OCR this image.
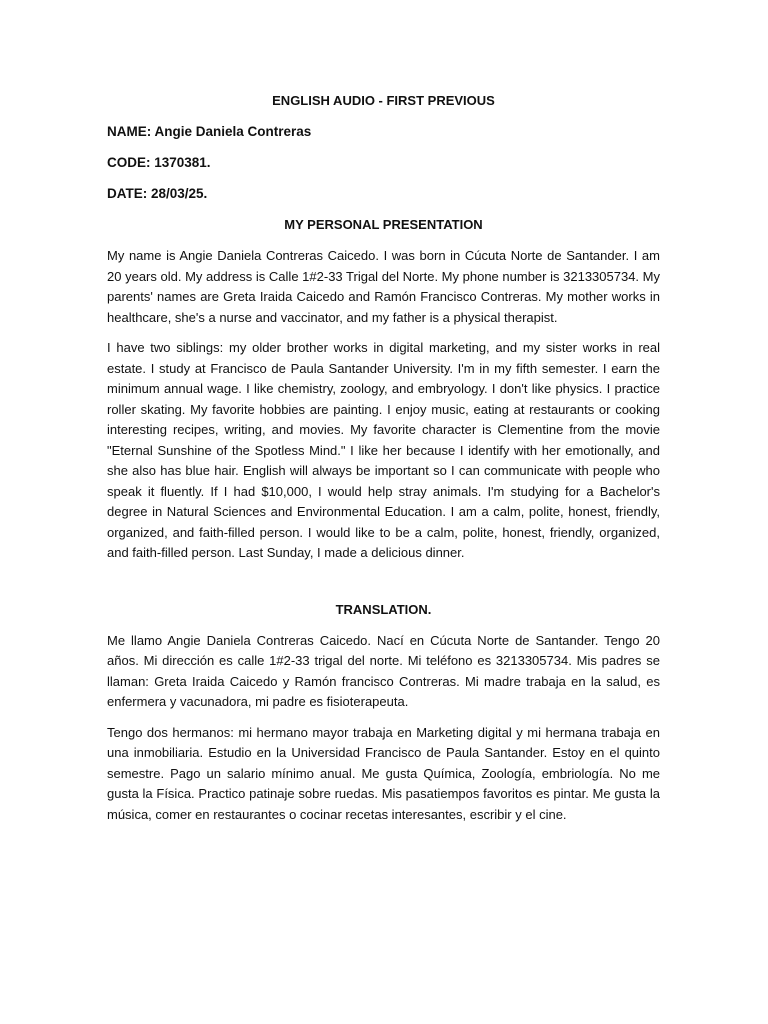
ENGLISH AUDIO - FIRST PREVIOUS

NAME: Angie Daniela Contreras

CODE: 1370381.

DATE: 28/03/25.

MY PERSONAL PRESENTATION

My name is Angie Daniela Contreras Caicedo. I was born in Cúcuta Norte de Santander. I am 20 years old. My address is Calle 1#2-33 Trigal del Norte. My phone number is 3213305734. My parents' names are Greta Iraida Caicedo and Ramón Francisco Contreras. My mother works in healthcare, she's a nurse and vaccinator, and my father is a physical therapist.

I have two siblings: my older brother works in digital marketing, and my sister works in real estate. I study at Francisco de Paula Santander University. I'm in my fifth semester. I earn the minimum annual wage. I like chemistry, zoology, and embryology. I don't like physics. I practice roller skating. My favorite hobbies are painting. I enjoy music, eating at restaurants or cooking interesting recipes, writing, and movies. My favorite character is Clementine from the movie "Eternal Sunshine of the Spotless Mind." I like her because I identify with her emotionally, and she also has blue hair. English will always be important so I can communicate with people who speak it fluently. If I had $10,000, I would help stray animals. I'm studying for a Bachelor's degree in Natural Sciences and Environmental Education. I am a calm, polite, honest, friendly, organized, and faith-filled person. I would like to be a calm, polite, honest, friendly, organized, and faith-filled person. Last Sunday, I made a delicious dinner.

TRANSLATION.

Me llamo Angie Daniela Contreras Caicedo. Nací en Cúcuta Norte de Santander. Tengo 20 años. Mi dirección es calle 1#2-33 trigal del norte. Mi teléfono es 3213305734. Mis padres se llaman: Greta Iraida Caicedo y Ramón francisco Contreras. Mi madre trabaja en la salud, es enfermera y vacunadora, mi padre es fisioterapeuta.

Tengo dos hermanos: mi hermano mayor trabaja en Marketing digital y mi hermana trabaja en una inmobiliaria. Estudio en la Universidad Francisco de Paula Santander. Estoy en el quinto semestre. Pago un salario mínimo anual. Me gusta Química, Zoología, embriología. No me gusta la Física. Practico patinaje sobre ruedas. Mis pasatiempos favoritos es pintar. Me gusta la música, comer en restaurantes o cocinar recetas interesantes, escribir y el cine.
